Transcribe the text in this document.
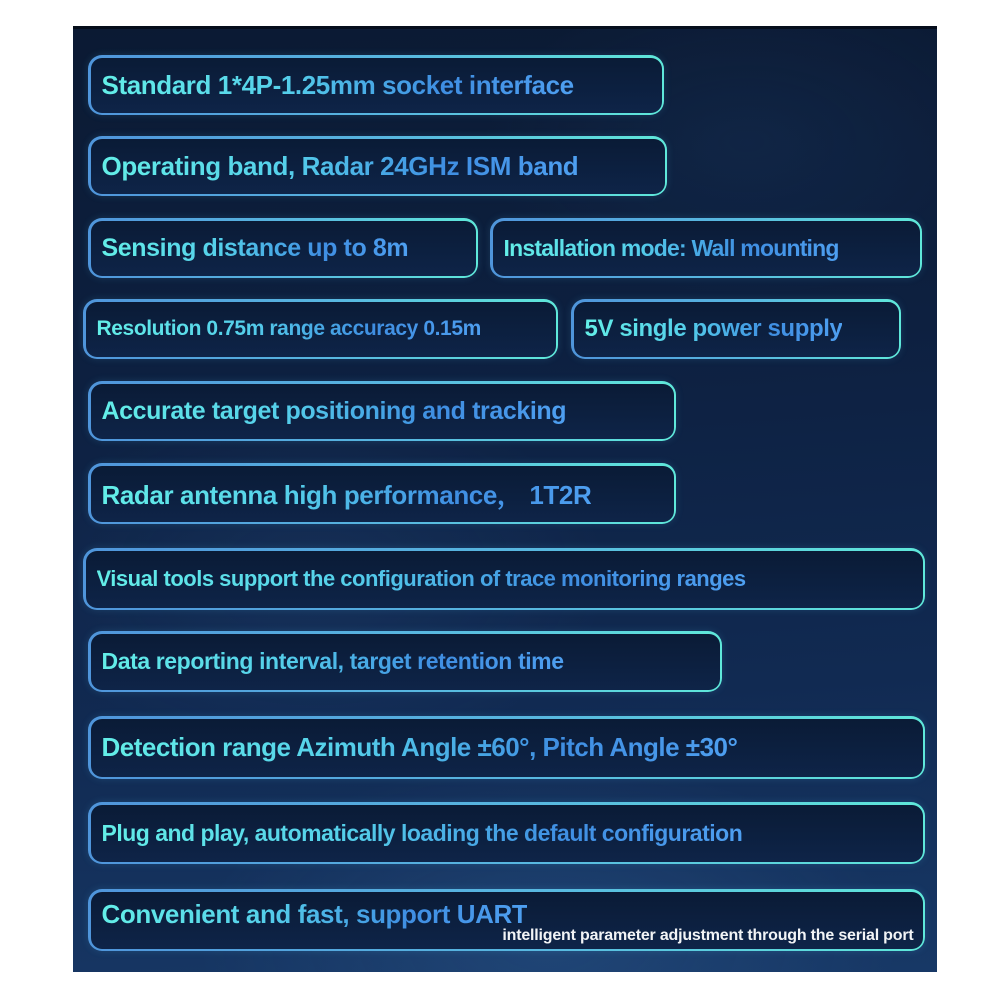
Standard 1*4P-1.25mm socket interface
Operating band, Radar 24GHz ISM band
Sensing distance up to 8m	Installation mode: Wall mounting
Resolution 0.75m range accuracy 0.15m	5V single power supply
Accurate target positioning and tracking
Radar antenna high performance， 1T2R
Visual tools support the configuration of trace monitoring ranges
Data reporting interval, target retention time
Detection range Azimuth Angle ±60°, Pitch Angle ±30°
Plug and play, automatically loading the default configuration
Convenient and fast, support UART
intelligent parameter adjustment through the serial port
